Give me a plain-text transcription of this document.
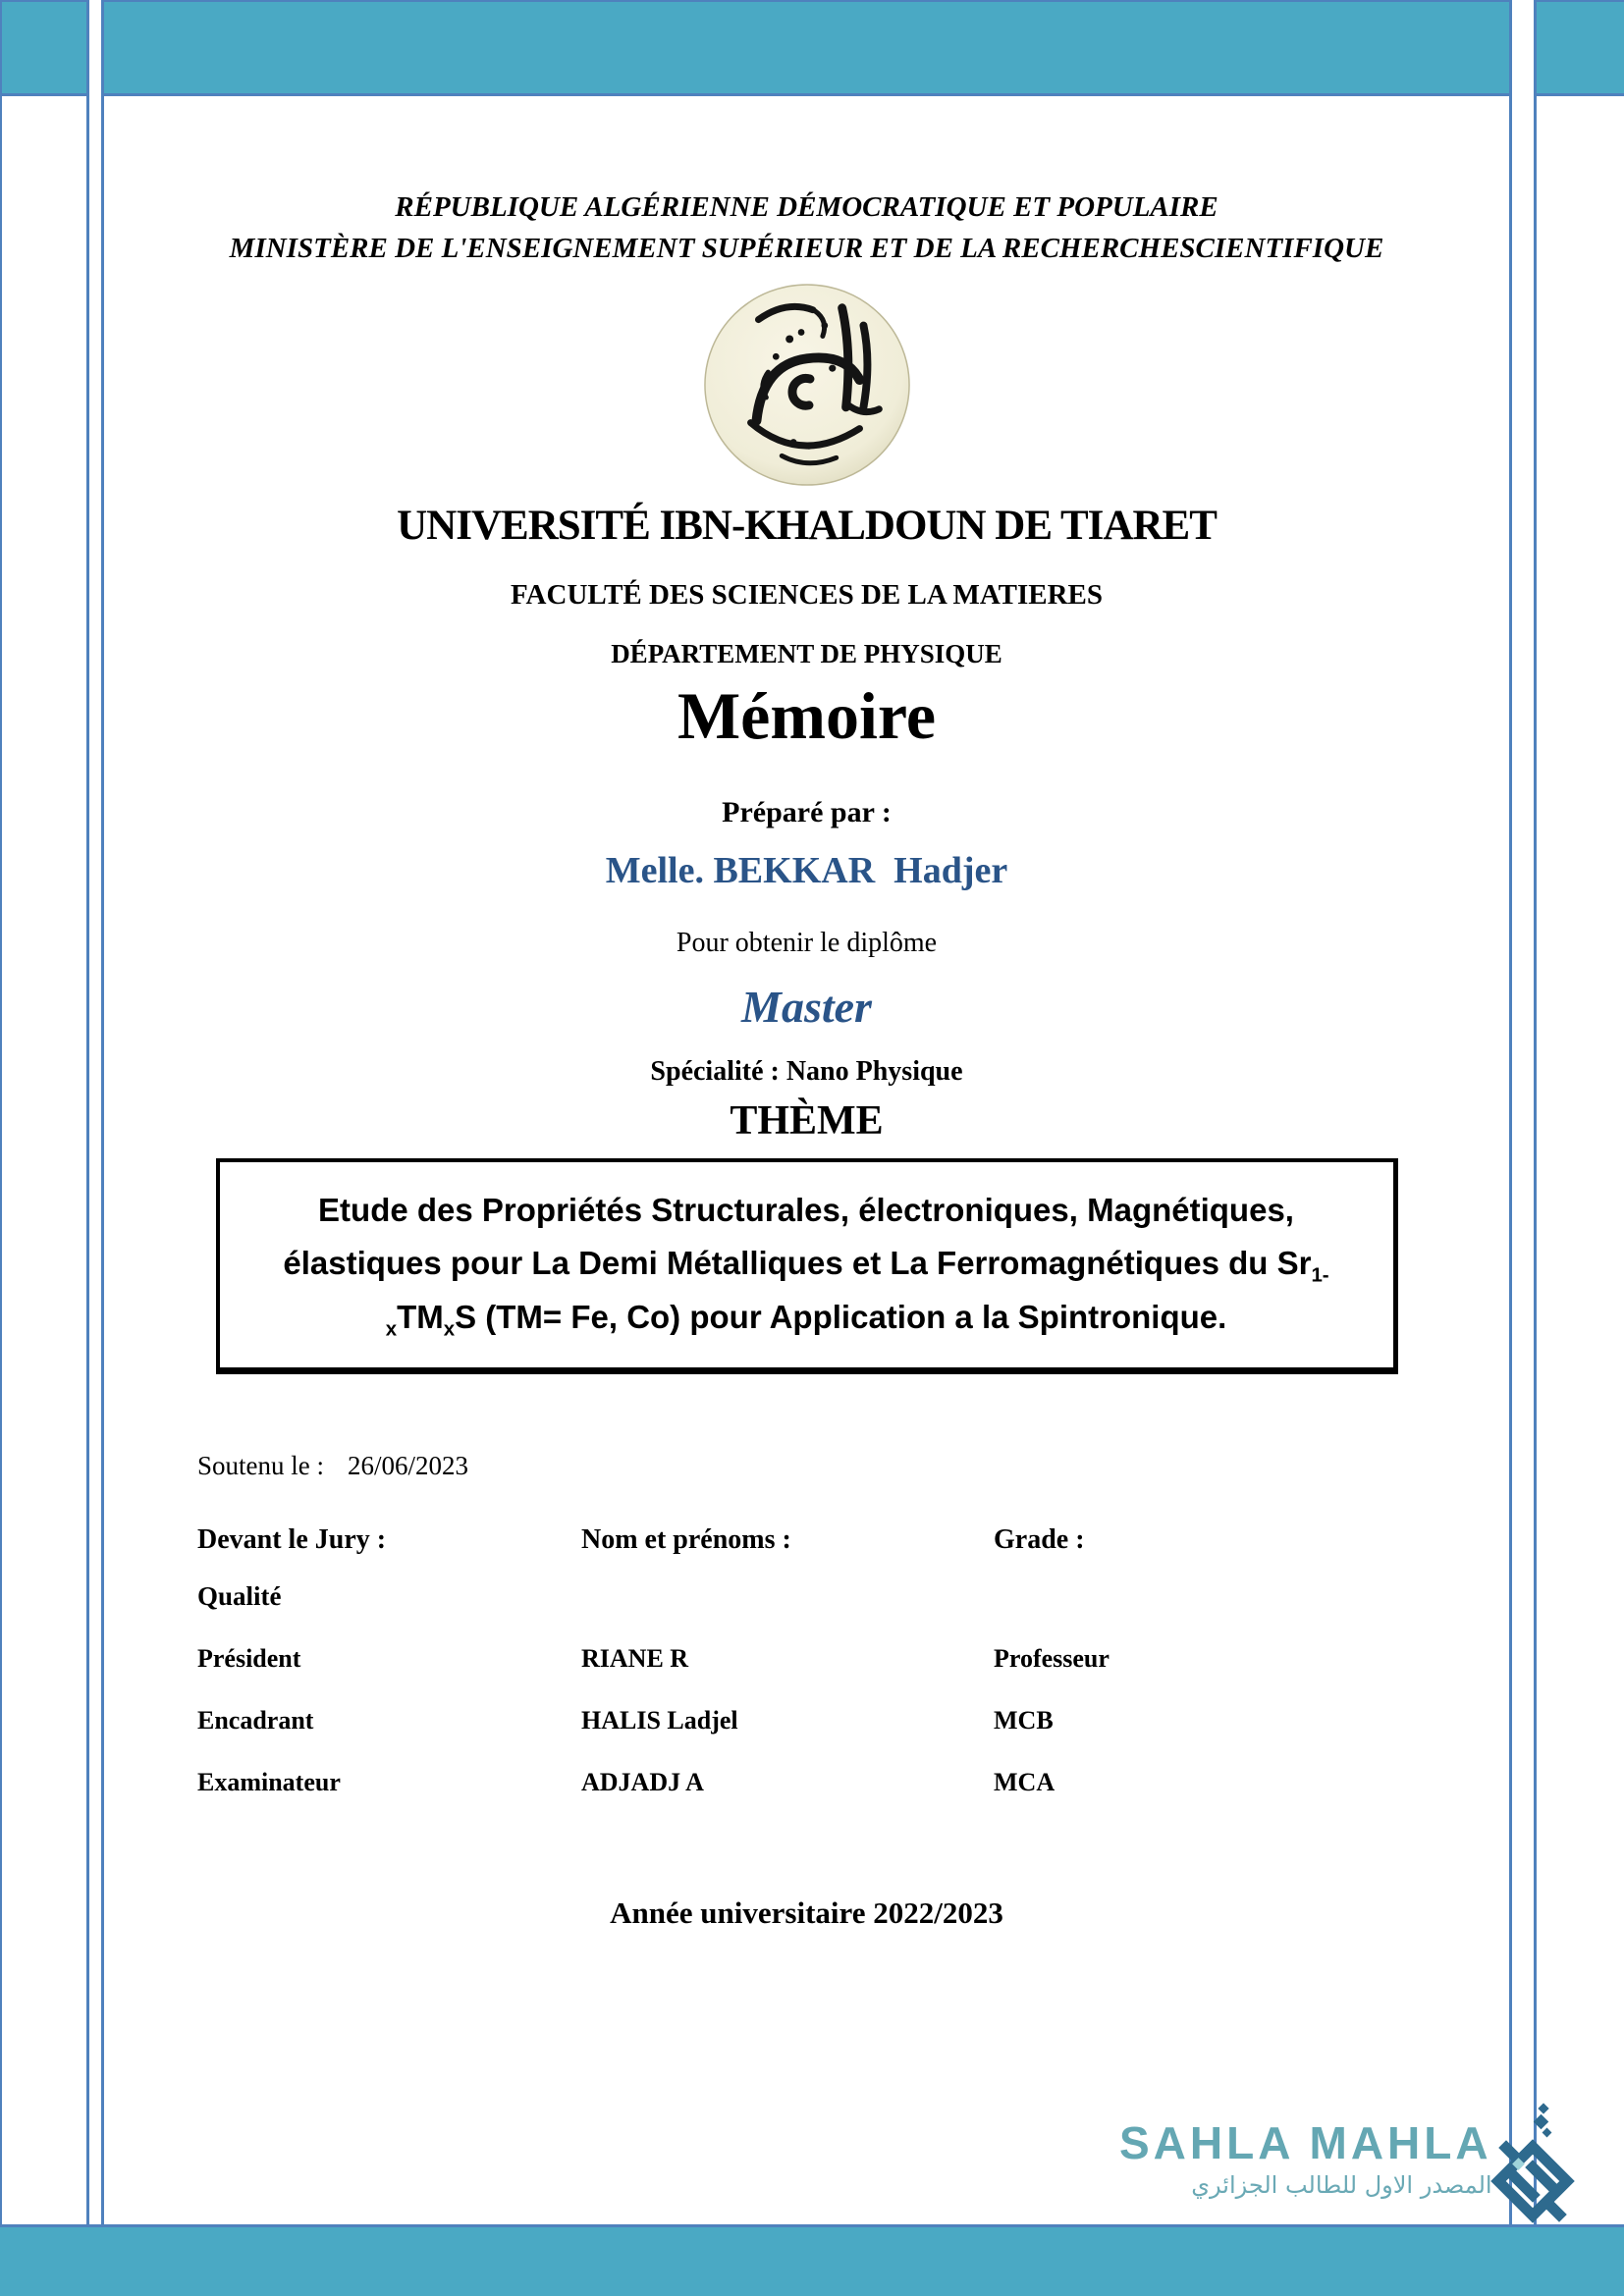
RÉPUBLIQUE ALGÉRIENNE DÉMOCRATIQUE ET POPULAIRE
MINISTÈRE DE L'ENSEIGNEMENT SUPÉRIEUR ET DE LA RECHERCHESCIENTIFIQUE
UNIVERSITÉ IBN-KHALDOUN DE TIARET
FACULTÉ DES SCIENCES DE LA MATIERES
DÉPARTEMENT DE PHYSIQUE
Mémoire
Préparé par :
Melle. BEKKAR  Hadjer
Pour obtenir le diplôme
Master
Spécialité : Nano Physique
THÈME
Etude des Propriétés Structurales, électroniques, Magnétiques, élastiques pour La Demi Métalliques et La Ferromagnétiques du $Sr_{1-x}TM_xS$ (TM= Fe, Co) pour Application a la Spintronique.
Soutenu le : 26/06/2023
Devant le Jury :	Nom et prénoms :	Grade :
Qualité
Président	RIANE R	Professeur
Encadrant	HALIS Ladjel	MCB
Examinateur	ADJADJ A	MCA
Année universitaire 2022/2023
SAHLA MAHLA
المصدر الاول للطالب الجزائري
